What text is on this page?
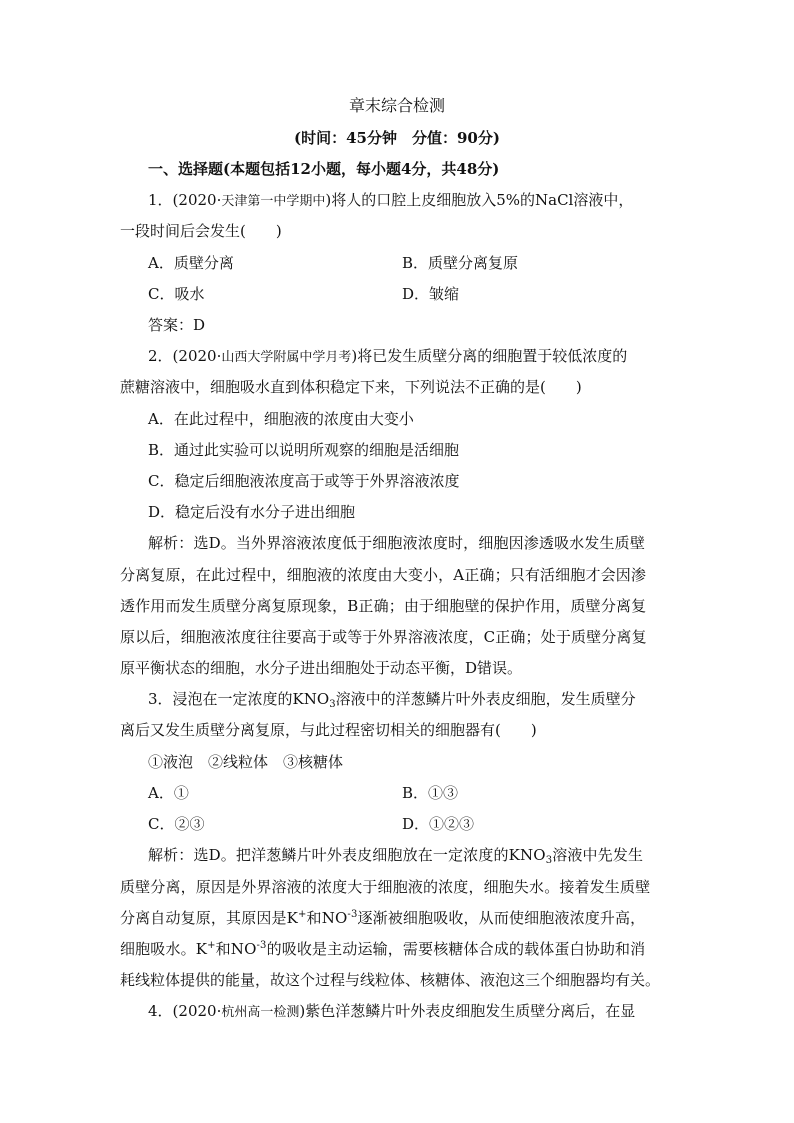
章末综合检测
(时间：45分钟　分值：90分)
一、选择题(本题包括12小题，每小题4分，共48分)
1．(2020·天津第一中学期中)将人的口腔上皮细胞放入5%的NaCl溶液中，
一段时间后会发生(　　)
A．质壁分离	B．质壁分离复原
C．吸水	D．皱缩
答案：D
2．(2020·山西大学附属中学月考)将已发生质壁分离的细胞置于较低浓度的
蔗糖溶液中，细胞吸水直到体积稳定下来，下列说法不正确的是(　　)
A．在此过程中，细胞液的浓度由大变小
B．通过此实验可以说明所观察的细胞是活细胞
C．稳定后细胞液浓度高于或等于外界溶液浓度
D．稳定后没有水分子进出细胞
解析：选D。当外界溶液浓度低于细胞液浓度时，细胞因渗透吸水发生质壁
分离复原，在此过程中，细胞液的浓度由大变小，A正确；只有活细胞才会因渗
透作用而发生质壁分离复原现象，B正确；由于细胞壁的保护作用，质壁分离复
原以后，细胞液浓度往往要高于或等于外界溶液浓度，C正确；处于质壁分离复
原平衡状态的细胞，水分子进出细胞处于动态平衡，D错误。
3．浸泡在一定浓度的$KNO_3$溶液中的洋葱鳞片叶外表皮细胞，发生质壁分
离后又发生质壁分离复原，与此过程密切相关的细胞器有(　　)
①液泡　②线粒体　③核糖体
A．①	B．①③
C．②③	D．①②③
解析：选D。把洋葱鳞片叶外表皮细胞放在一定浓度的$KNO_3$溶液中先发生
质壁分离，原因是外界溶液的浓度大于细胞液的浓度，细胞失水。接着发生质壁
分离自动复原，其原因是K+和$NO^{-3}$逐渐被细胞吸收，从而使细胞液浓度升高，
细胞吸水。K+和$NO^{-3}$的吸收是主动运输，需要核糖体合成的载体蛋白协助和消
耗线粒体提供的能量，故这个过程与线粒体、核糖体、液泡这三个细胞器均有关。
4．(2020·杭州高一检测)紫色洋葱鳞片叶外表皮细胞发生质壁分离后，在显
